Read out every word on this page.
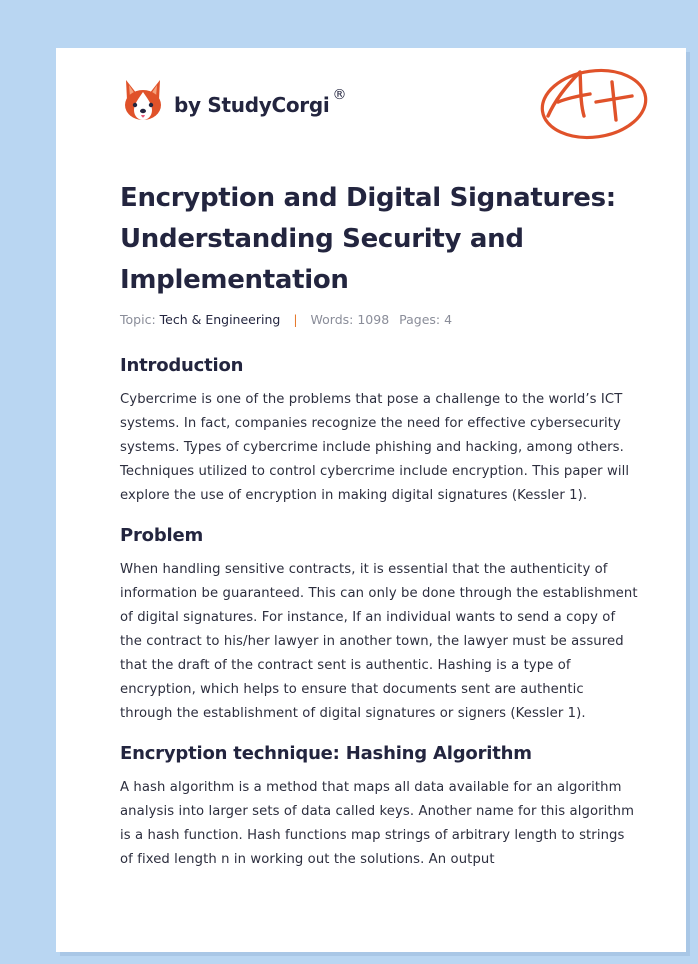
by StudyCorgi ®
Encryption and Digital Signatures: Understanding Security and Implementation
Topic: Tech & Engineering | Words: 1098 Pages: 4
Introduction

Cybercrime is one of the problems that pose a challenge to the world’s ICT systems. In fact, companies recognize the need for effective cybersecurity systems. Types of cybercrime include phishing and hacking, among others. Techniques utilized to control cybercrime include encryption. This paper will explore the use of encryption in making digital signatures (Kessler 1).

Problem

When handling sensitive contracts, it is essential that the authenticity of information be guaranteed. This can only be done through the establishment of digital signatures. For instance, If an individual wants to send a copy of the contract to his/her lawyer in another town, the lawyer must be assured that the draft of the contract sent is authentic. Hashing is a type of encryption, which helps to ensure that documents sent are authentic through the establishment of digital signatures or signers (Kessler 1).

Encryption technique: Hashing Algorithm

A hash algorithm is a method that maps all data available for an algorithm analysis into larger sets of data called keys. Another name for this algorithm is a hash function. Hash functions map strings of arbitrary length to strings of fixed length n in working out the solutions. An output
